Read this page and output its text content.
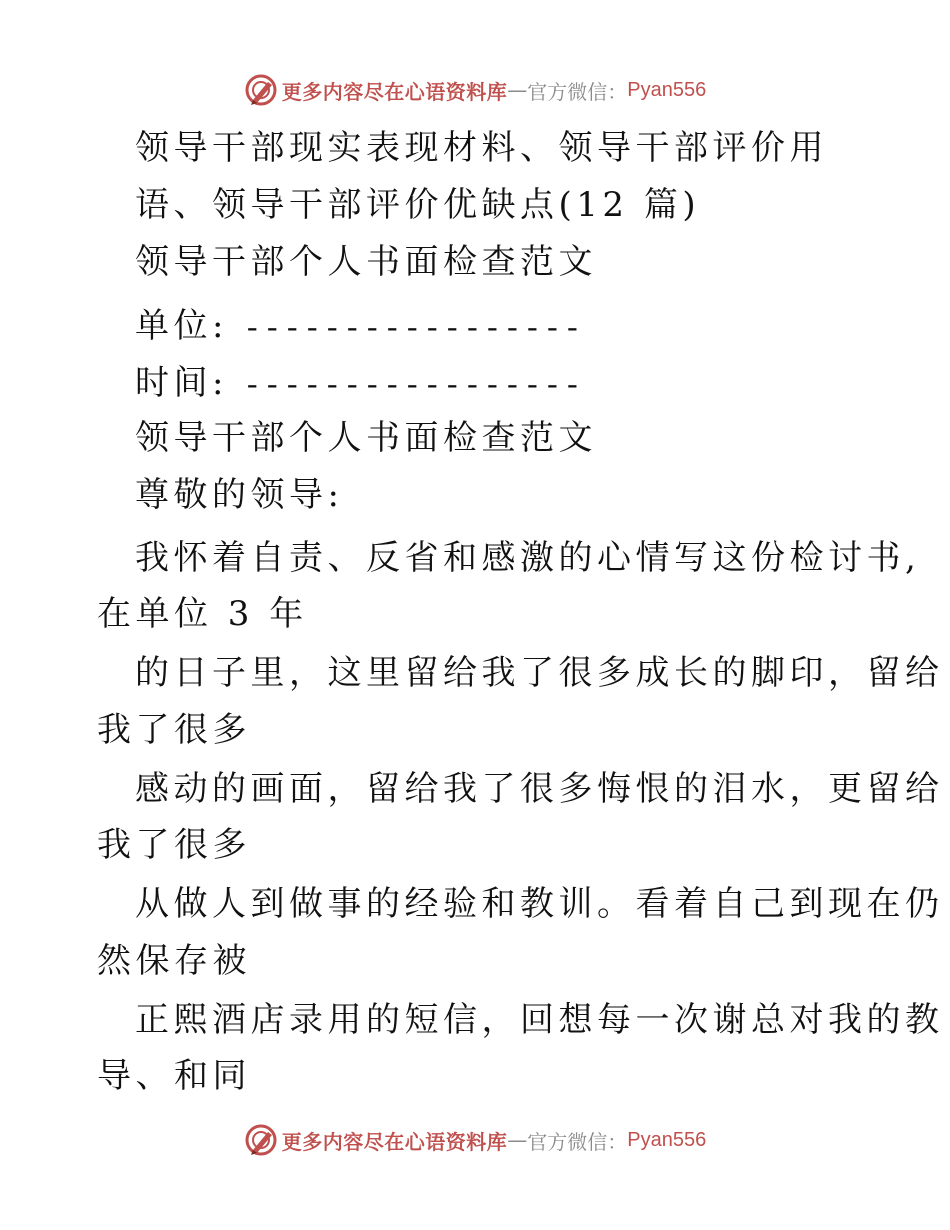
更多内容尽在心语资料库 — 官方微信： Pyan556
领导干部现实表现材料、领导干部评价用
语、领导干部评价优缺点(12 篇)
领导干部个人书面检查范文
单位: -----------------
时间: -----------------
领导干部个人书面检查范文
尊敬的领导:
我怀着自责、反省和感激的心情写这份检讨书,
在单位 3 年
的日子里，这里留给我了很多成长的脚印，留给
我了很多
感动的画面，留给我了很多悔恨的泪水，更留给
我了很多
从做人到做事的经验和教训。看着自己到现在仍
然保存被
正熙酒店录用的短信，回想每一次谢总对我的教
导、和同
更多内容尽在心语资料库 — 官方微信： Pyan556
